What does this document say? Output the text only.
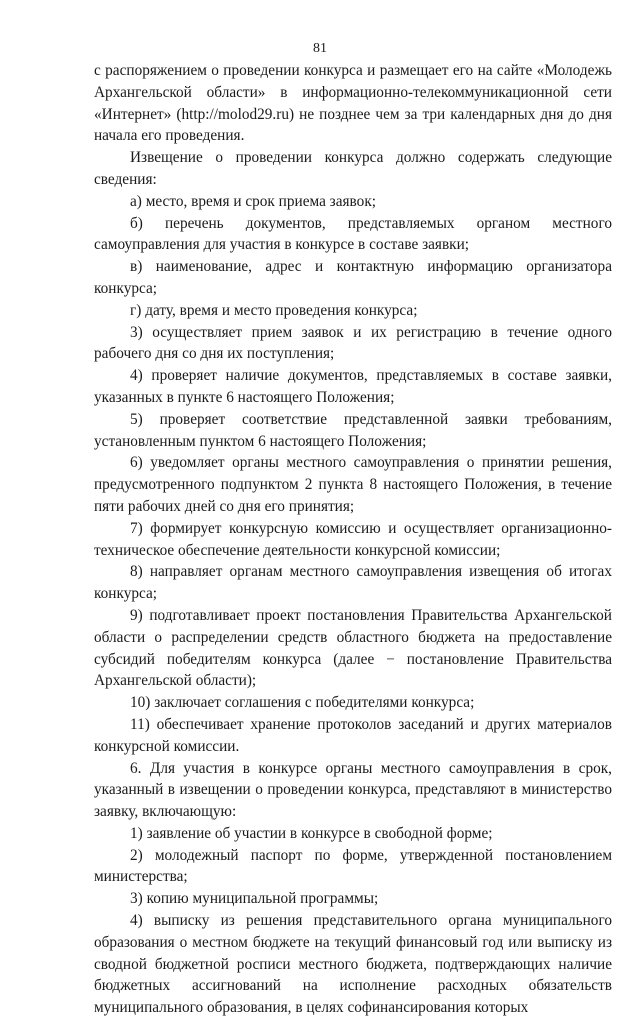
81

с распоряжением о проведении конкурса и размещает его на сайте «Молодежь Архангельской области» в информационно-телекоммуникационной сети «Интернет» (http://molod29.ru) не позднее чем за три календарных дня до дня начала его проведения.

Извещение о проведении конкурса должно содержать следующие сведения:

а) место, время и срок приема заявок;

б) перечень документов, представляемых органом местного самоуправления для участия в конкурсе в составе заявки;

в) наименование, адрес и контактную информацию организатора конкурса;

г) дату, время и место проведения конкурса;

3) осуществляет прием заявок и их регистрацию в течение одного рабочего дня со дня их поступления;

4) проверяет наличие документов, представляемых в составе заявки, указанных в пункте 6 настоящего Положения;

5) проверяет соответствие представленной заявки требованиям, установленным пунктом 6 настоящего Положения;

6) уведомляет органы местного самоуправления о принятии решения, предусмотренного подпунктом 2 пункта 8 настоящего Положения, в течение пяти рабочих дней со дня его принятия;

7) формирует конкурсную комиссию и осуществляет организационно-техническое обеспечение деятельности конкурсной комиссии;

8) направляет органам местного самоуправления извещения об итогах конкурса;

9) подготавливает проект постановления Правительства Архангельской области о распределении средств областного бюджета на предоставление субсидий победителям конкурса (далее − постановление Правительства Архангельской области);

10) заключает соглашения с победителями конкурса;

11) обеспечивает хранение протоколов заседаний и других материалов конкурсной комиссии.

6. Для участия в конкурсе органы местного самоуправления в срок, указанный в извещении о проведении конкурса, представляют в министерство заявку, включающую:

1) заявление об участии в конкурсе в свободной форме;

2) молодежный паспорт по форме, утвержденной постановлением министерства;

3) копию муниципальной программы;

4) выписку из решения представительного органа муниципального образования о местном бюджете на текущий финансовый год или выписку из сводной бюджетной росписи местного бюджета, подтверждающих наличие бюджетных ассигнований на исполнение расходных обязательств муниципального образования, в целях софинансирования которых
